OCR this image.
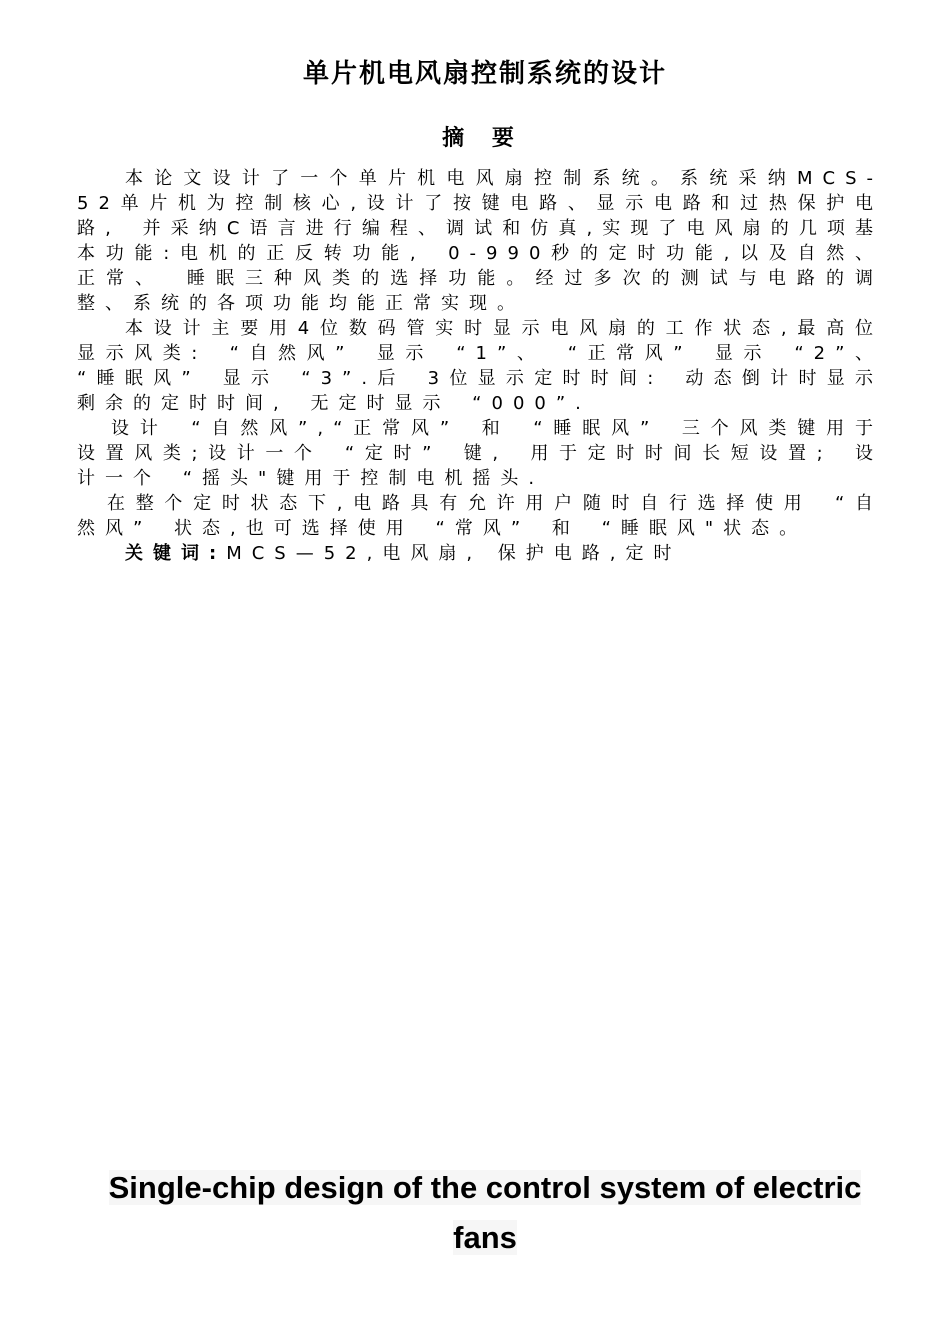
单片机电风扇控制系统的设计
摘 要

本论文设计了一个单片机电风扇控制系统。系统采纳MCS-52单片机为控制核心,设计了按键电路、显示电路和过热保护电路, 并采纳C语言进行编程、调试和仿真,实现了电风扇的几项基本功能:电机的正反转功能, 0-990秒的定时功能,以及自然、 正常、 睡眠三种风类的选择功能。经过多次的测试与电路的调整、系统的各项功能均能正常实现。

本设计主要用4位数码管实时显示电风扇的工作状态,最高位显示风类: “自然风” 显示 “1”、 “正常风” 显示 “2”、 “睡眠风” 显示 “3”.后 3位显示定时时间: 动态倒计时显示剩余的定时时间, 无定时显示 “000”.

设计 “自然风”,“正常风” 和 “睡眠风” 三个风类键用于设置风类;设计一个 “定时” 键, 用于定时时间长短设置; 设计一个 “摇头"键用于控制电机摇头.

在整个定时状态下,电路具有允许用户随时自行选择使用 “自然风” 状态,也可选择使用 “常风” 和 “睡眠风"状态。

关键词:MCS—52,电风扇, 保护电路,定时

Single-chip design of the control system of electric fans
